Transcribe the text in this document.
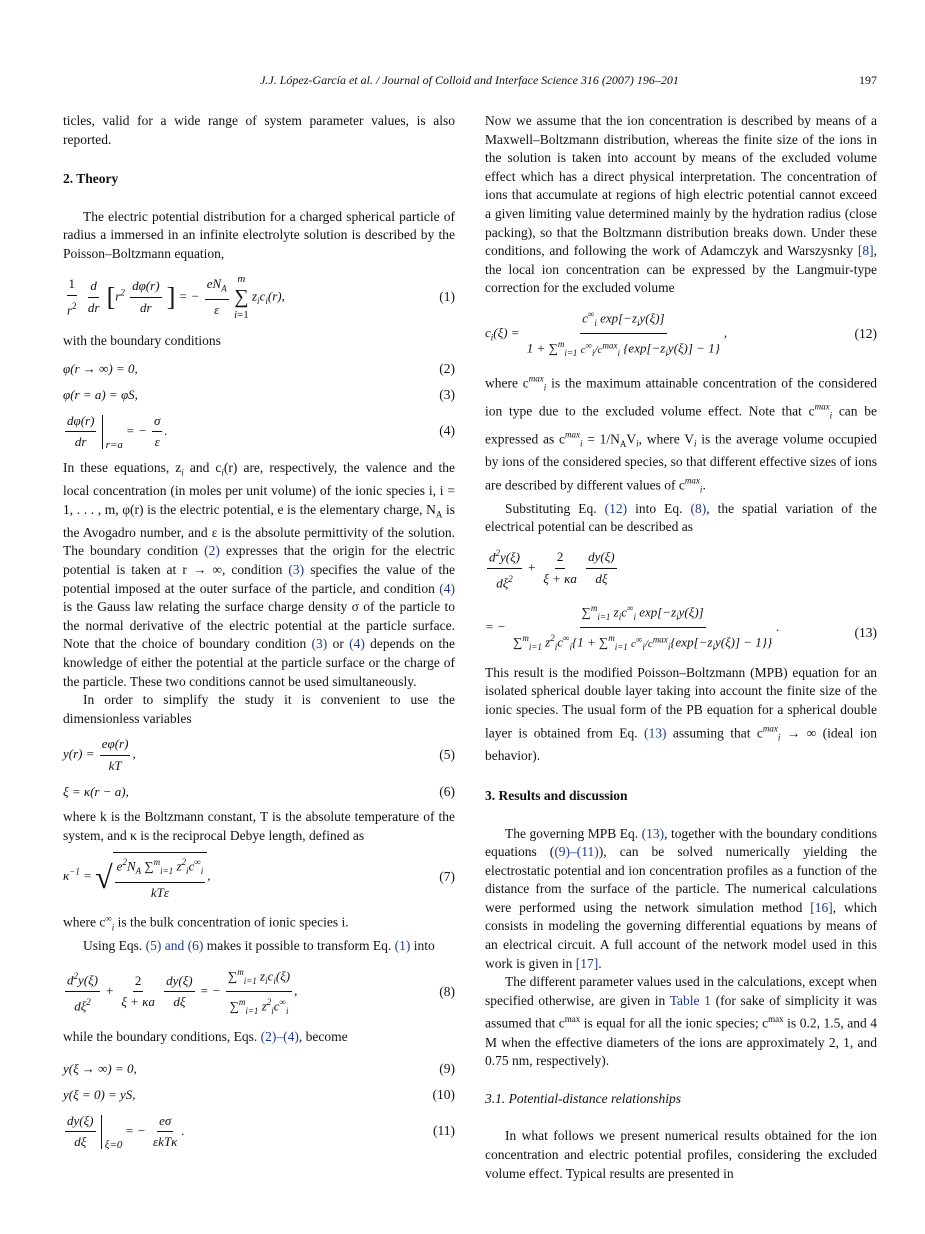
J.J. López-García et al. / Journal of Colloid and Interface Science 316 (2007) 196–201	197

ticles, valid for a wide range of system parameter values, is also reported.

2. Theory

The electric potential distribution for a charged spherical particle of radius a immersed in an infinite electrolyte solution is described by the Poisson–Boltzmann equation,

$\frac{1}{r^2}$
$\frac{d}{dr} [r^2 \frac{d\varphi(r)}{dr}$ ] = − $\frac{eN_A}{\varepsilon}$
m
∑
i=1
$z_ic_i(r)$,	(1)

with the boundary conditions

φ(r → ∞) = 0,	(2)
φ(r = a) = φS,	(3)
$\frac{d\varphi(r)}{dr}$
r=a
= − $\frac{\sigma}{\varepsilon}$ .	(4)

In these equations, $z_i$ and $c_i(r)$ are, respectively, the valence and the local concentration (in moles per unit volume) of the ionic species i, i = 1, . . . , m, φ(r) is the electric potential, e is the elementary charge, $N_A$ is the Avogadro number, and ε is the absolute permittivity of the solution. The boundary condition (2) expresses that the origin for the electric potential is taken at r → ∞, condition (3) specifies the value of the potential imposed at the outer surface of the particle, and condition (4) is the Gauss law relating the surface charge density σ of the particle to the normal derivative of the electric potential at the particle surface. Note that the choice of boundary condition (3) or (4) depends on the knowledge of either the potential at the particle surface or the charge of the particle. These two conditions cannot be used simultaneously.

In order to simplify the study it is convenient to use the dimensionless variables

$y(r) = \frac{e\varphi(r)}{kT}$ ,	(5)
ξ = κ(r − a),	(6)

where k is the Boltzmann constant, T is the absolute temperature of the system, and κ is the reciprocal Debye length, defined as

$\kappa^{-1}$ = √ $\frac{e^2N_A \sum^m_{i=1} z^2_ic^\infty_i}{\text{kTε}}$ ,	(7)

where $c^\infty_i$ is the bulk concentration of ionic species i.

Using Eqs. (5) and (6) makes it possible to transform Eq. (1) into

$\frac{d^2y(\xi)}{d\xi^2} + \frac{2}{\xi + \kappa a}$
$\frac{dy(\xi)}{d\xi}$ = − $\frac{\sum^m_{i=1} z_ic_i(\xi)}{\sum^m_{i=1} z^2_ic^\infty_i}$ ,	(8)

while the boundary conditions, Eqs. (2)–(4), become

y(ξ → ∞) = 0,	(9)
y(ξ = 0) = yS,	(10)
$\frac{dy(\xi)}{d\xi}$
ξ=0
= − $\frac{e\sigma}{\text{εkTκ}}$ .	(11)

Now we assume that the ion concentration is described by means of a Maxwell–Boltzmann distribution, whereas the finite size of the ions in the solution is taken into account by means of the excluded volume effect which has a direct physical interpretation. The concentration of ions that accumulate at regions of high electric potential cannot exceed a given limiting value determined mainly by the hydration radius (close packing), so that the Boltzmann distribution breaks down. Under these conditions, and following the work of Adamczyk and Warszysnky [8], the local ion concentration can be expressed by the Langmuir-type correction for the excluded volume

$c_i(\xi) = \frac{c^\infty_i \exp[-z_iy(\xi)]}{1 + \sum^m_{i=1} c^\infty_i/c^{max}_i \{\exp[-z_iy(\xi)] - 1\}}$ ,	(12)

where $c^{max}_i$ is the maximum attainable concentration of the considered ion type due to the excluded volume effect. Note that $c^{max}_i$ can be expressed as $c^{max}_i = 1/N_AV_i$, where $V_i$ is the average volume occupied by ions of the considered species, so that different effective sizes of ions are described by different values of $c^{max}_i$.

Substituting Eq. (12) into Eq. (8), the spatial variation of the electrical potential can be described as

$\frac{d^2y(\xi)}{d\xi^2} + \frac{2}{\xi + \kappa a}$
$\frac{dy(\xi)}{d\xi}$

= − $\frac{\sum^m_{i=1} z_ic^\infty_i \exp[-z_iy(\xi)]}{\sum^m_{i=1} z^2_ic^\infty_i\{1 + \sum^m_{i=1} c^\infty_i/c^{max}_i\{\exp[-z_iy(\xi)] - 1\}\}}$ .	(13)

This result is the modified Poisson–Boltzmann (MPB) equation for an isolated spherical double layer taking into account the finite size of the ionic species. The usual form of the PB equation for a spherical double layer is obtained from Eq. (13) assuming that $c^{max}_i$ → ∞ (ideal ion behavior).

3. Results and discussion

The governing MPB Eq. (13), together with the boundary conditions equations ((9)–(11)), can be solved numerically yielding the electrostatic potential and ion concentration profiles as a function of the distance from the surface of the particle. The numerical calculations were performed using the network simulation method [16], which consists in modeling the governing differential equations by means of an electrical circuit. A full account of the network model used in this work is given in [17].

The different parameter values used in the calculations, except when specified otherwise, are given in Table 1 (for sake of simplicity it was assumed that $c^{max}$ is equal for all the ionic species; $c^{max}$ is 0.2, 1.5, and 4 M when the effective diameters of the ions are approximately 2, 1, and 0.75 nm, respectively).

3.1. Potential-distance relationships

In what follows we present numerical results obtained for the ion concentration and electric potential profiles, considering the excluded volume effect. Typical results are presented in
